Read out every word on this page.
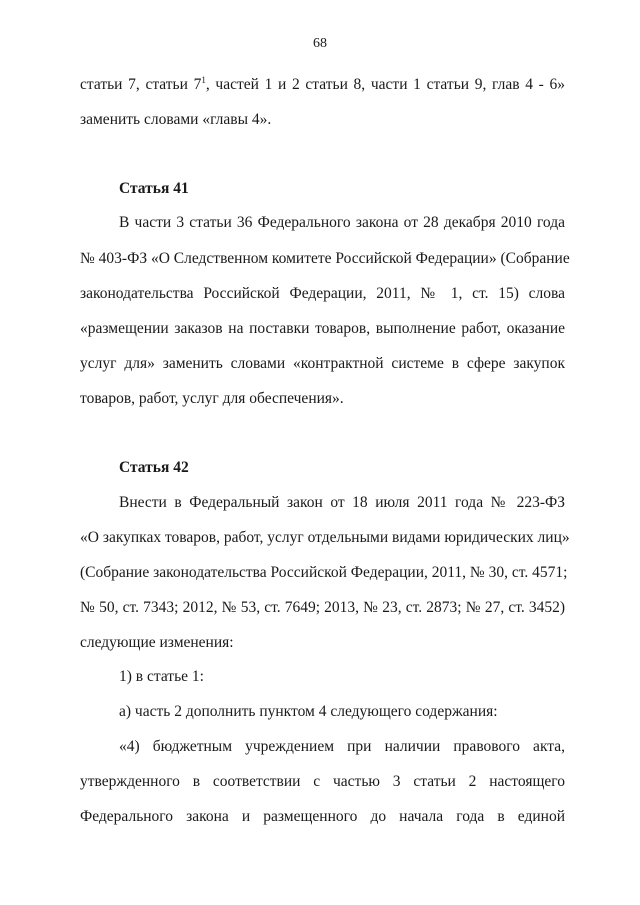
68
статьи 7, статьи $7^1$, частей 1 и 2 статьи 8, части 1 статьи 9, глав 4 - 6»
заменить словами «главы 4».
Статья 41
В части 3 статьи 36 Федерального закона от 28 декабря 2010 года
№ 403-ФЗ «О Следственном комитете Российской Федерации» (Собрание
законодательства Российской Федерации, 2011, № 1, ст. 15) слова
«размещении заказов на поставки товаров, выполнение работ, оказание
услуг для» заменить словами «контрактной системе в сфере закупок
товаров, работ, услуг для обеспечения».
Статья 42
Внести в Федеральный закон от 18 июля 2011 года № 223-ФЗ
«О закупках товаров, работ, услуг отдельными видами юридических лиц»
(Собрание законодательства Российской Федерации, 2011, № 30, ст. 4571;
№ 50, ст. 7343; 2012, № 53, ст. 7649; 2013, № 23, ст. 2873; № 27, ст. 3452)
следующие изменения:
1) в статье 1:
а) часть 2 дополнить пунктом 4 следующего содержания:
«4) бюджетным учреждением при наличии правового акта,
утвержденного в соответствии с частью 3 статьи 2 настоящего
Федерального закона и размещенного до начала года в единой
